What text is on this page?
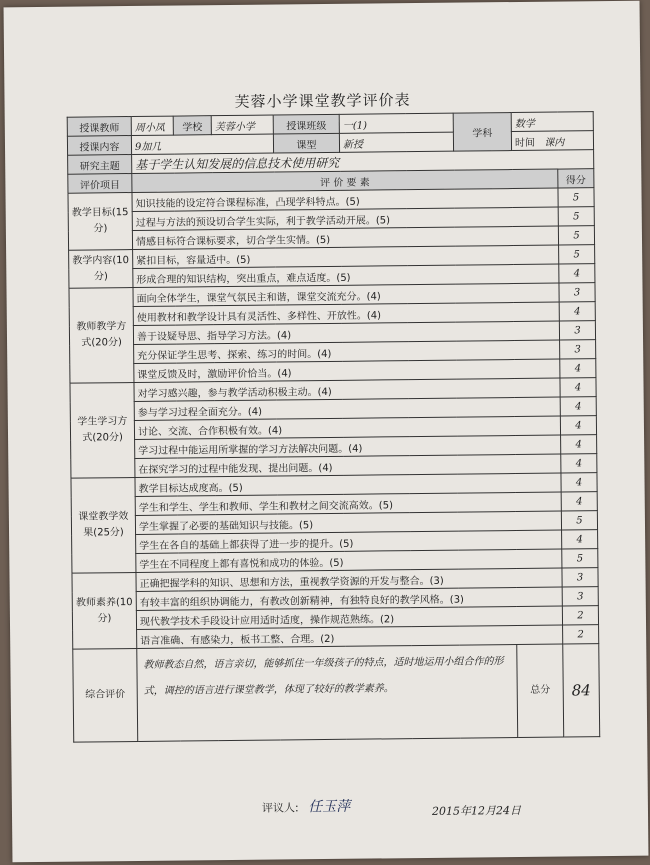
芙蓉小学课堂教学评价表
授课教师	周小凤	学校	芙蓉小学	授课班级	一(1)	学科	数学	
授课内容	9加几			课型	新授		时间 课内	
研究主题	基于学生认知发展的信息技术使用研究							
评价项目	评 价 要 素							得分
教学目标(15分)	知识技能的设定符合课程标准，凸现学科特点。(5)							5
	过程与方法的预设切合学生实际，利于教学活动开展。(5)							5
	情感目标符合课标要求，切合学生实情。(5)							5
教学内容(10分)	紧扣目标，容量适中。(5)							5
	形成合理的知识结构，突出重点，难点适度。(5)							4
教师教学方式(20分)	面向全体学生，课堂气氛民主和谐，课堂交流充分。(4)							3
	使用教材和教学设计具有灵活性、多样性、开放性。(4)							4
	善于设疑导思、指导学习方法。(4)							3
	充分保证学生思考、探索、练习的时间。(4)							3
	课堂反馈及时，激励评价恰当。(4)							4
学生学习方式(20分)	对学习感兴趣，参与教学活动积极主动。(4)							4
	参与学习过程全面充分。(4)							4
	讨论、交流、合作积极有效。(4)							4
	学习过程中能运用所掌握的学习方法解决问题。(4)							4
	在探究学习的过程中能发现、提出问题。(4)							4
课堂教学效果(25分)	教学目标达成度高。(5)							4
	学生和学生、学生和教师、学生和教材之间交流高效。(5)							4
	学生掌握了必要的基础知识与技能。(5)							5
	学生在各自的基础上都获得了进一步的提升。(5)							4
	学生在不同程度上都有喜悦和成功的体验。(5)							5
教师素养(10分)	正确把握学科的知识、思想和方法，重视教学资源的开发与整合。(3)							3
	有较丰富的组织协调能力，有教改创新精神，有独特良好的教学风格。(3)							3
	现代教学技术手段设计应用适时适度，操作规范熟练。(2)							2
	语言准确、有感染力，板书工整、合理。(2)							2
综合评价	教师教态自然，语言亲切，能够抓住一年级孩子的特点，适时地运用小组合作的形式，调控的语言进行课堂教学，体现了较好的教学素养。						总分	84
评议人: 任玉萍	2015年12月24日
